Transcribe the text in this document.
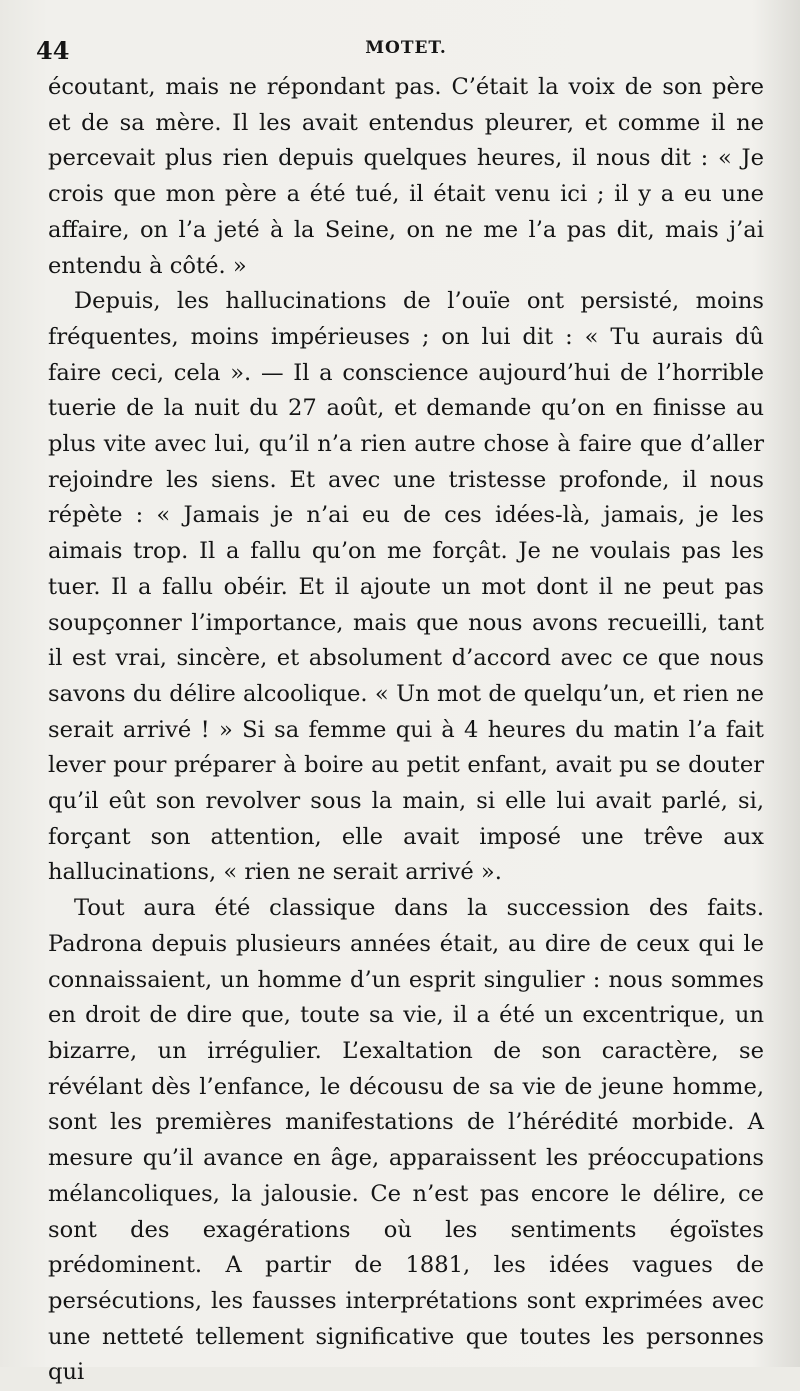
44	MOTET.

écoutant, mais ne répondant pas. C’était la voix de son père et de sa mère. Il les avait entendus pleurer, et comme il ne percevait plus rien depuis quelques heures, il nous dit : « Je crois que mon père a été tué, il était venu ici ; il y a eu une affaire, on l’a jeté à la Seine, on ne me l’a pas dit, mais j’ai entendu à côté. »

Depuis, les hallucinations de l’ouïe ont persisté, moins fréquentes, moins impérieuses ; on lui dit : « Tu aurais dû faire ceci, cela ». — Il a conscience aujourd’hui de l’horrible tuerie de la nuit du 27 août, et demande qu’on en finisse au plus vite avec lui, qu’il n’a rien autre chose à faire que d’aller rejoindre les siens. Et avec une tristesse profonde, il nous répète : « Jamais je n’ai eu de ces idées-là, jamais, je les aimais trop. Il a fallu qu’on me forçât. Je ne voulais pas les tuer. Il a fallu obéir. Et il ajoute un mot dont il ne peut pas soupçonner l’importance, mais que nous avons recueilli, tant il est vrai, sincère, et absolument d’accord avec ce que nous savons du délire alcoolique. « Un mot de quelqu’un, et rien ne serait arrivé ! » Si sa femme qui à 4 heures du matin l’a fait lever pour préparer à boire au petit enfant, avait pu se douter qu’il eût son revolver sous la main, si elle lui avait parlé, si, forçant son attention, elle avait imposé une trêve aux hallucinations, « rien ne serait arrivé ».

Tout aura été classique dans la succession des faits. Padrona depuis plusieurs années était, au dire de ceux qui le connaissaient, un homme d’un esprit singulier : nous sommes en droit de dire que, toute sa vie, il a été un excentrique, un bizarre, un irrégulier. L’exaltation de son caractère, se révélant dès l’enfance, le décousu de sa vie de jeune homme, sont les premières manifestations de l’hérédité morbide. A mesure qu’il avance en âge, apparaissent les préoccupations mélancoliques, la jalousie. Ce n’est pas encore le délire, ce sont des exagérations où les sentiments égoïstes prédominent. A partir de 1881, les idées vagues de persécutions, les fausses interprétations sont exprimées avec une netteté tellement significative que toutes les personnes qui
